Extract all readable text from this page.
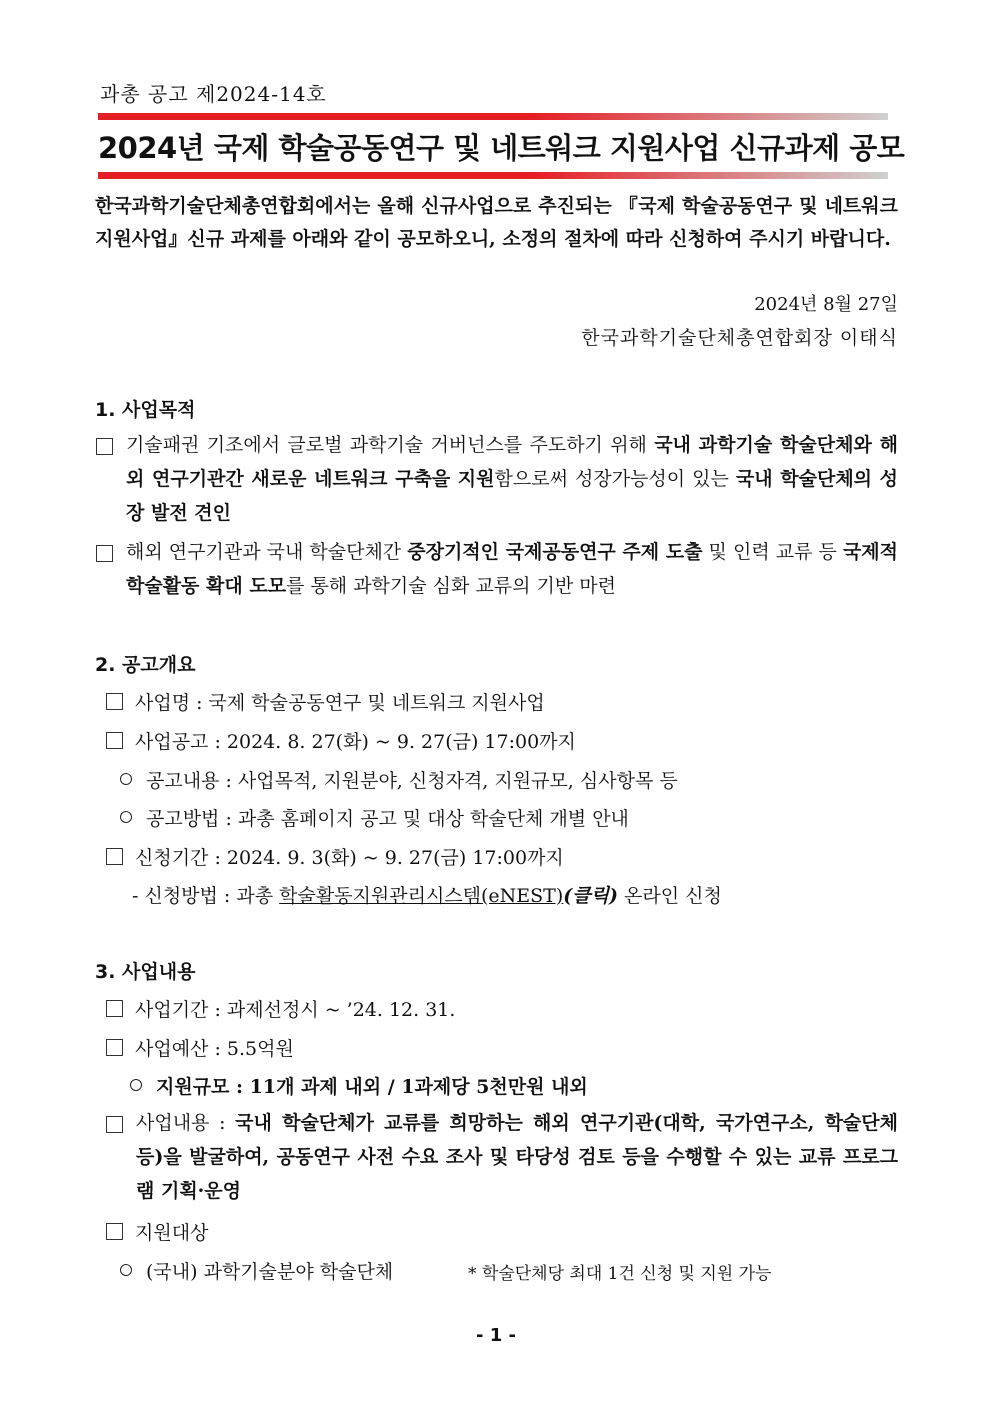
과총 공고 제2024-14호
2024년 국제 학술공동연구 및 네트워크 지원사업 신규과제 공모
한국과학기술단체총연합회에서는 올해 신규사업으로 추진되는 『국제 학술공동연구 및 네트워크 지원사업』신규 과제를 아래와 같이 공모하오니, 소정의 절차에 따라 신청하여 주시기 바랍니다.
2024년 8월 27일
한국과학기술단체총연합회장 이태식
1. 사업목적
기술패권 기조에서 글로벌 과학기술 거버넌스를 주도하기 위해 국내 과학기술 학술단체와 해외 연구기관간 새로운 네트워크 구축을 지원함으로써 성장가능성이 있는 국내 학술단체의 성장 발전 견인
해외 연구기관과 국내 학술단체간 중장기적인 국제공동연구 주제 도출 및 인력 교류 등 국제적 학술활동 확대 도모를 통해 과학기술 심화 교류의 기반 마련
2. 공고개요
사업명 : 국제 학술공동연구 및 네트워크 지원사업
사업공고 : 2024. 8. 27(화) ~ 9. 27(금) 17:00까지
공고내용 : 사업목적, 지원분야, 신청자격, 지원규모, 심사항목 등
공고방법 : 과총 홈페이지 공고 및 대상 학술단체 개별 안내
신청기간 : 2024. 9. 3(화) ~ 9. 27(금) 17:00까지
- 신청방법 : 과총 학술활동지원관리시스템(eNEST)(클릭) 온라인 신청
3. 사업내용
사업기간 : 과제선정시 ~ ’24. 12. 31.
사업예산 : 5.5억원
지원규모 : 11개 과제 내외 / 1과제당 5천만원 내외
사업내용 : 국내 학술단체가 교류를 희망하는 해외 연구기관(대학, 국가연구소, 학술단체 등)을 발굴하여, 공동연구 사전 수요 조사 및 타당성 검토 등을 수행할 수 있는 교류 프로그램 기획·운영
지원대상
(국내) 과학기술분야 학술단체	* 학술단체당 최대 1건 신청 및 지원 가능
- 1 -
